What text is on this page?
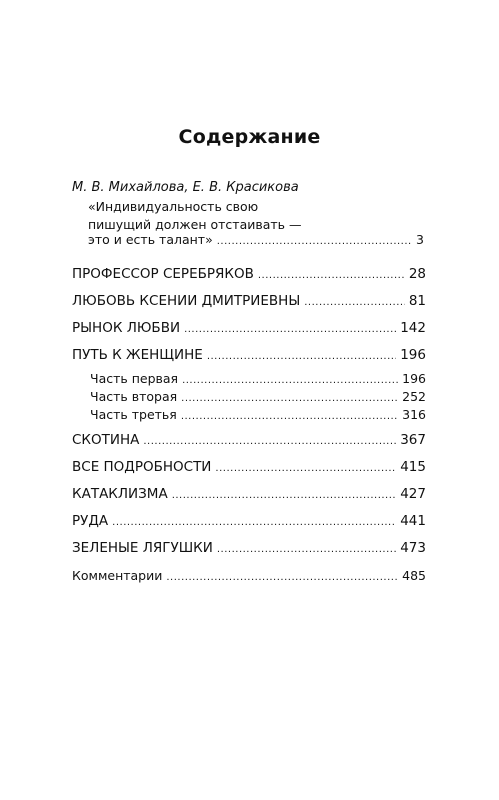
Содержание
М. В. Михайлова, Е. В. Красикова
«Индивидуальность свою
пишущий должен отстаивать —
это и есть талант» .....	3
ПРОФЕССОР СЕРЕБРЯКОВ .....	28
ЛЮБОВЬ КСЕНИИ ДМИТРИЕВНЫ .....	81
РЫНОК ЛЮБВИ .....	142
ПУТЬ К ЖЕНЩИНЕ .....	196
Часть первая .....	196
Часть вторая .....	252
Часть третья .....	316
СКОТИНА .....	367
ВСЕ ПОДРОБНОСТИ .....	415
КАТАКЛИЗМА .....	427
РУДА .....	441
ЗЕЛЕНЫЕ ЛЯГУШКИ .....	473
Комментарии .....	485
